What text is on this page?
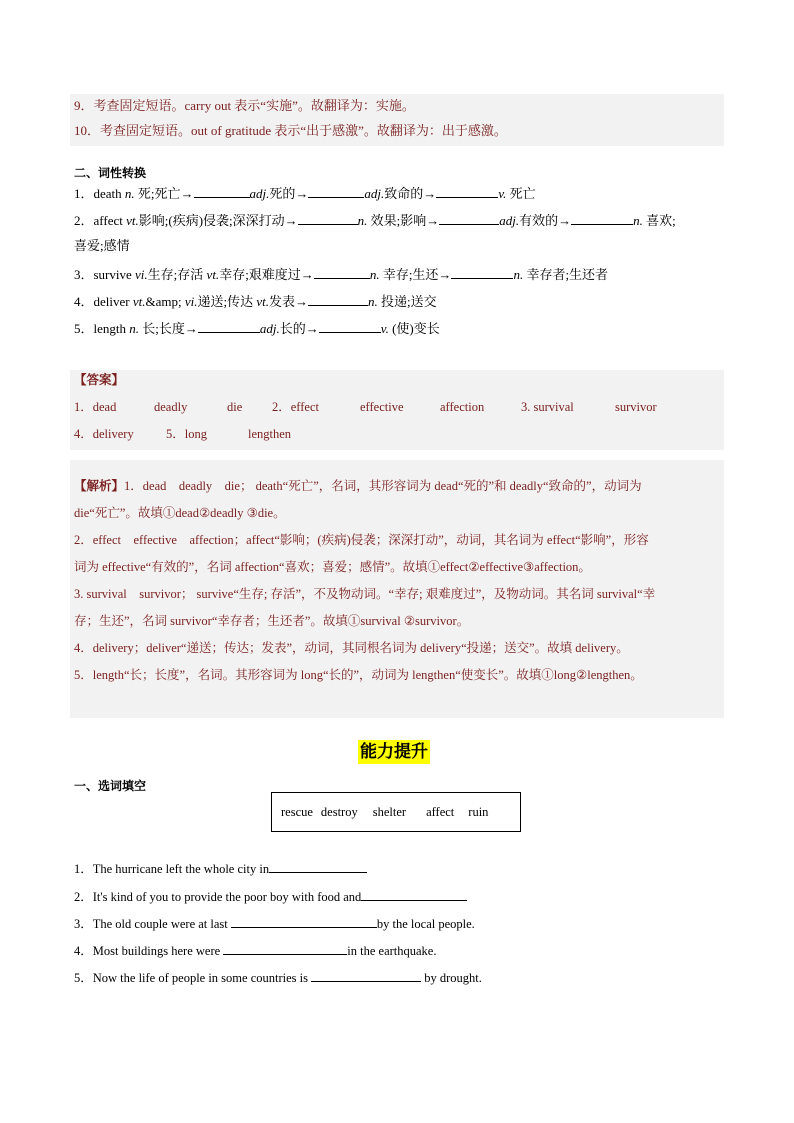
9．考查固定短语。carry out 表示“实施”。故翻译为：实施。
10．考查固定短语。out of gratitude 表示“出于感激”。故翻译为：出于感激。
二、词性转换
1．death n. 死;死亡→	adj.死的→	adj.致命的→	v. 死亡
2．affect vt.影响;(疾病)侵袭;深深打动→	n. 效果;影响→	adj.有效的→	n. 喜欢;
喜爱;感情
3．survive vi.生存;存活 vt.幸存;艰难度过→	n. 幸存;生还→	n. 幸存者;生还者
4．deliver vt.&amp; vi.递送;传达 vt.发表→	n. 投递;送交
5．length n. 长;长度→	adj.长的→	v. (使)变长
【答案】
1．dead	deadly	die 2．effect	effective	affection	3. survival	survivor
4．delivery	5．long	lengthen
【解析】1．dead　deadly　die； death“死亡”，名词，其形容词为 dead“死的”和 deadly“致命的”，动词为
die“死亡”。故填①dead②deadly ③die。
2．effect　effective　affection；affect“影响；(疾病)侵袭；深深打动”，动词，其名词为 effect“影响”，形容
词为 effective“有效的”，名词 affection“喜欢；喜爱；感情”。故填①effect②effective③affection。
3. survival　survivor； survive“生存; 存活”，不及物动词。“幸存; 艰难度过”，及物动词。其名词 survival“幸
存；生还”，名词 survivor“幸存者；生还者”。故填①survival ②survivor。
4．delivery；deliver“递送；传达；发表”，动词，其同根名词为 delivery“投递；送交”。故填 delivery。
5．length“长；长度”，名词。其形容词为 long“长的”，动词为 lengthen“使变长”。故填①long②lengthen。
能力提升
一、选词填空
rescue destroy shelter affect ruin
1．The hurricane left the whole city in
2．It's kind of you to provide the poor boy with food and
3．The old couple were at last	by the local people.
4．Most buildings here were	in the earthquake.
5．Now the life of people in some countries is	by drought.
